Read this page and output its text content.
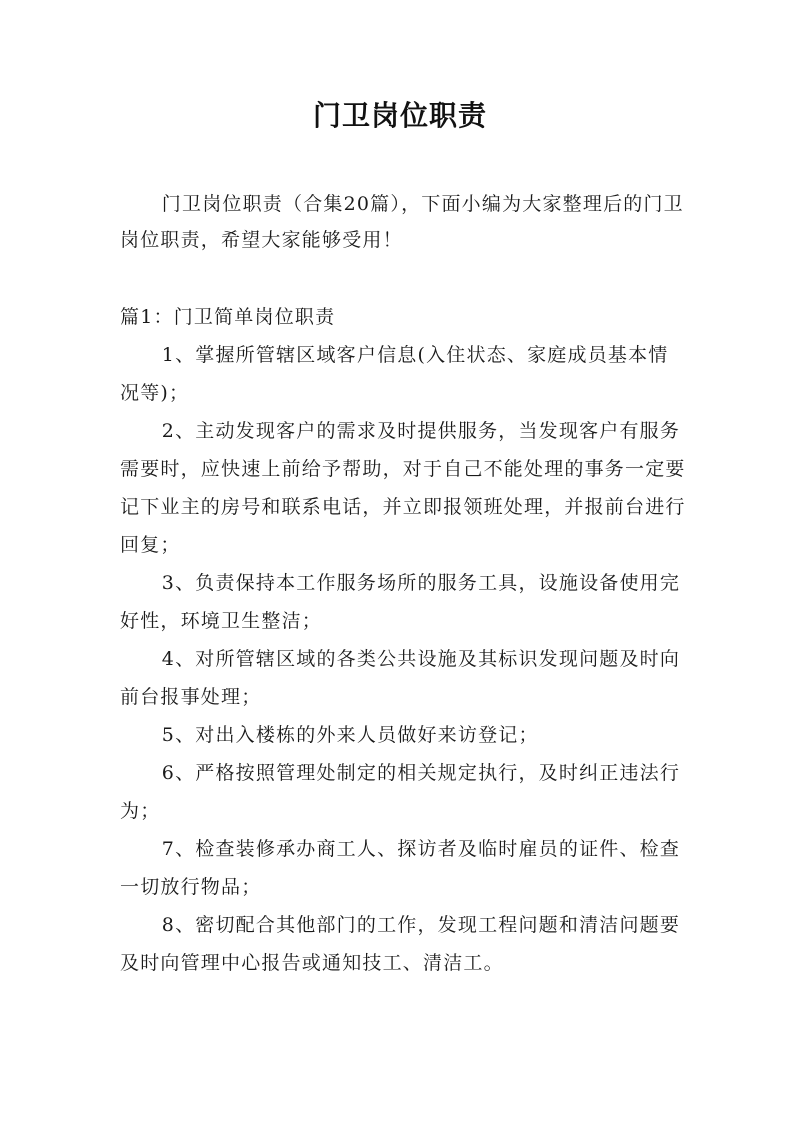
门卫岗位职责

门卫岗位职责（合集20篇），下面小编为大家整理后的门卫岗位职责，希望大家能够受用！

篇1：门卫简单岗位职责

1、掌握所管辖区域客户信息(入住状态、家庭成员基本情况等)；

2、主动发现客户的需求及时提供服务，当发现客户有服务需要时，应快速上前给予帮助，对于自己不能处理的事务一定要记下业主的房号和联系电话，并立即报领班处理，并报前台进行回复；

3、负责保持本工作服务场所的服务工具，设施设备使用完好性，环境卫生整洁；

4、对所管辖区域的各类公共设施及其标识发现问题及时向前台报事处理；

5、对出入楼栋的外来人员做好来访登记；

6、严格按照管理处制定的相关规定执行，及时纠正违法行为；

7、检查装修承办商工人、探访者及临时雇员的证件、检查一切放行物品；

8、密切配合其他部门的工作，发现工程问题和清洁问题要及时向管理中心报告或通知技工、清洁工。
